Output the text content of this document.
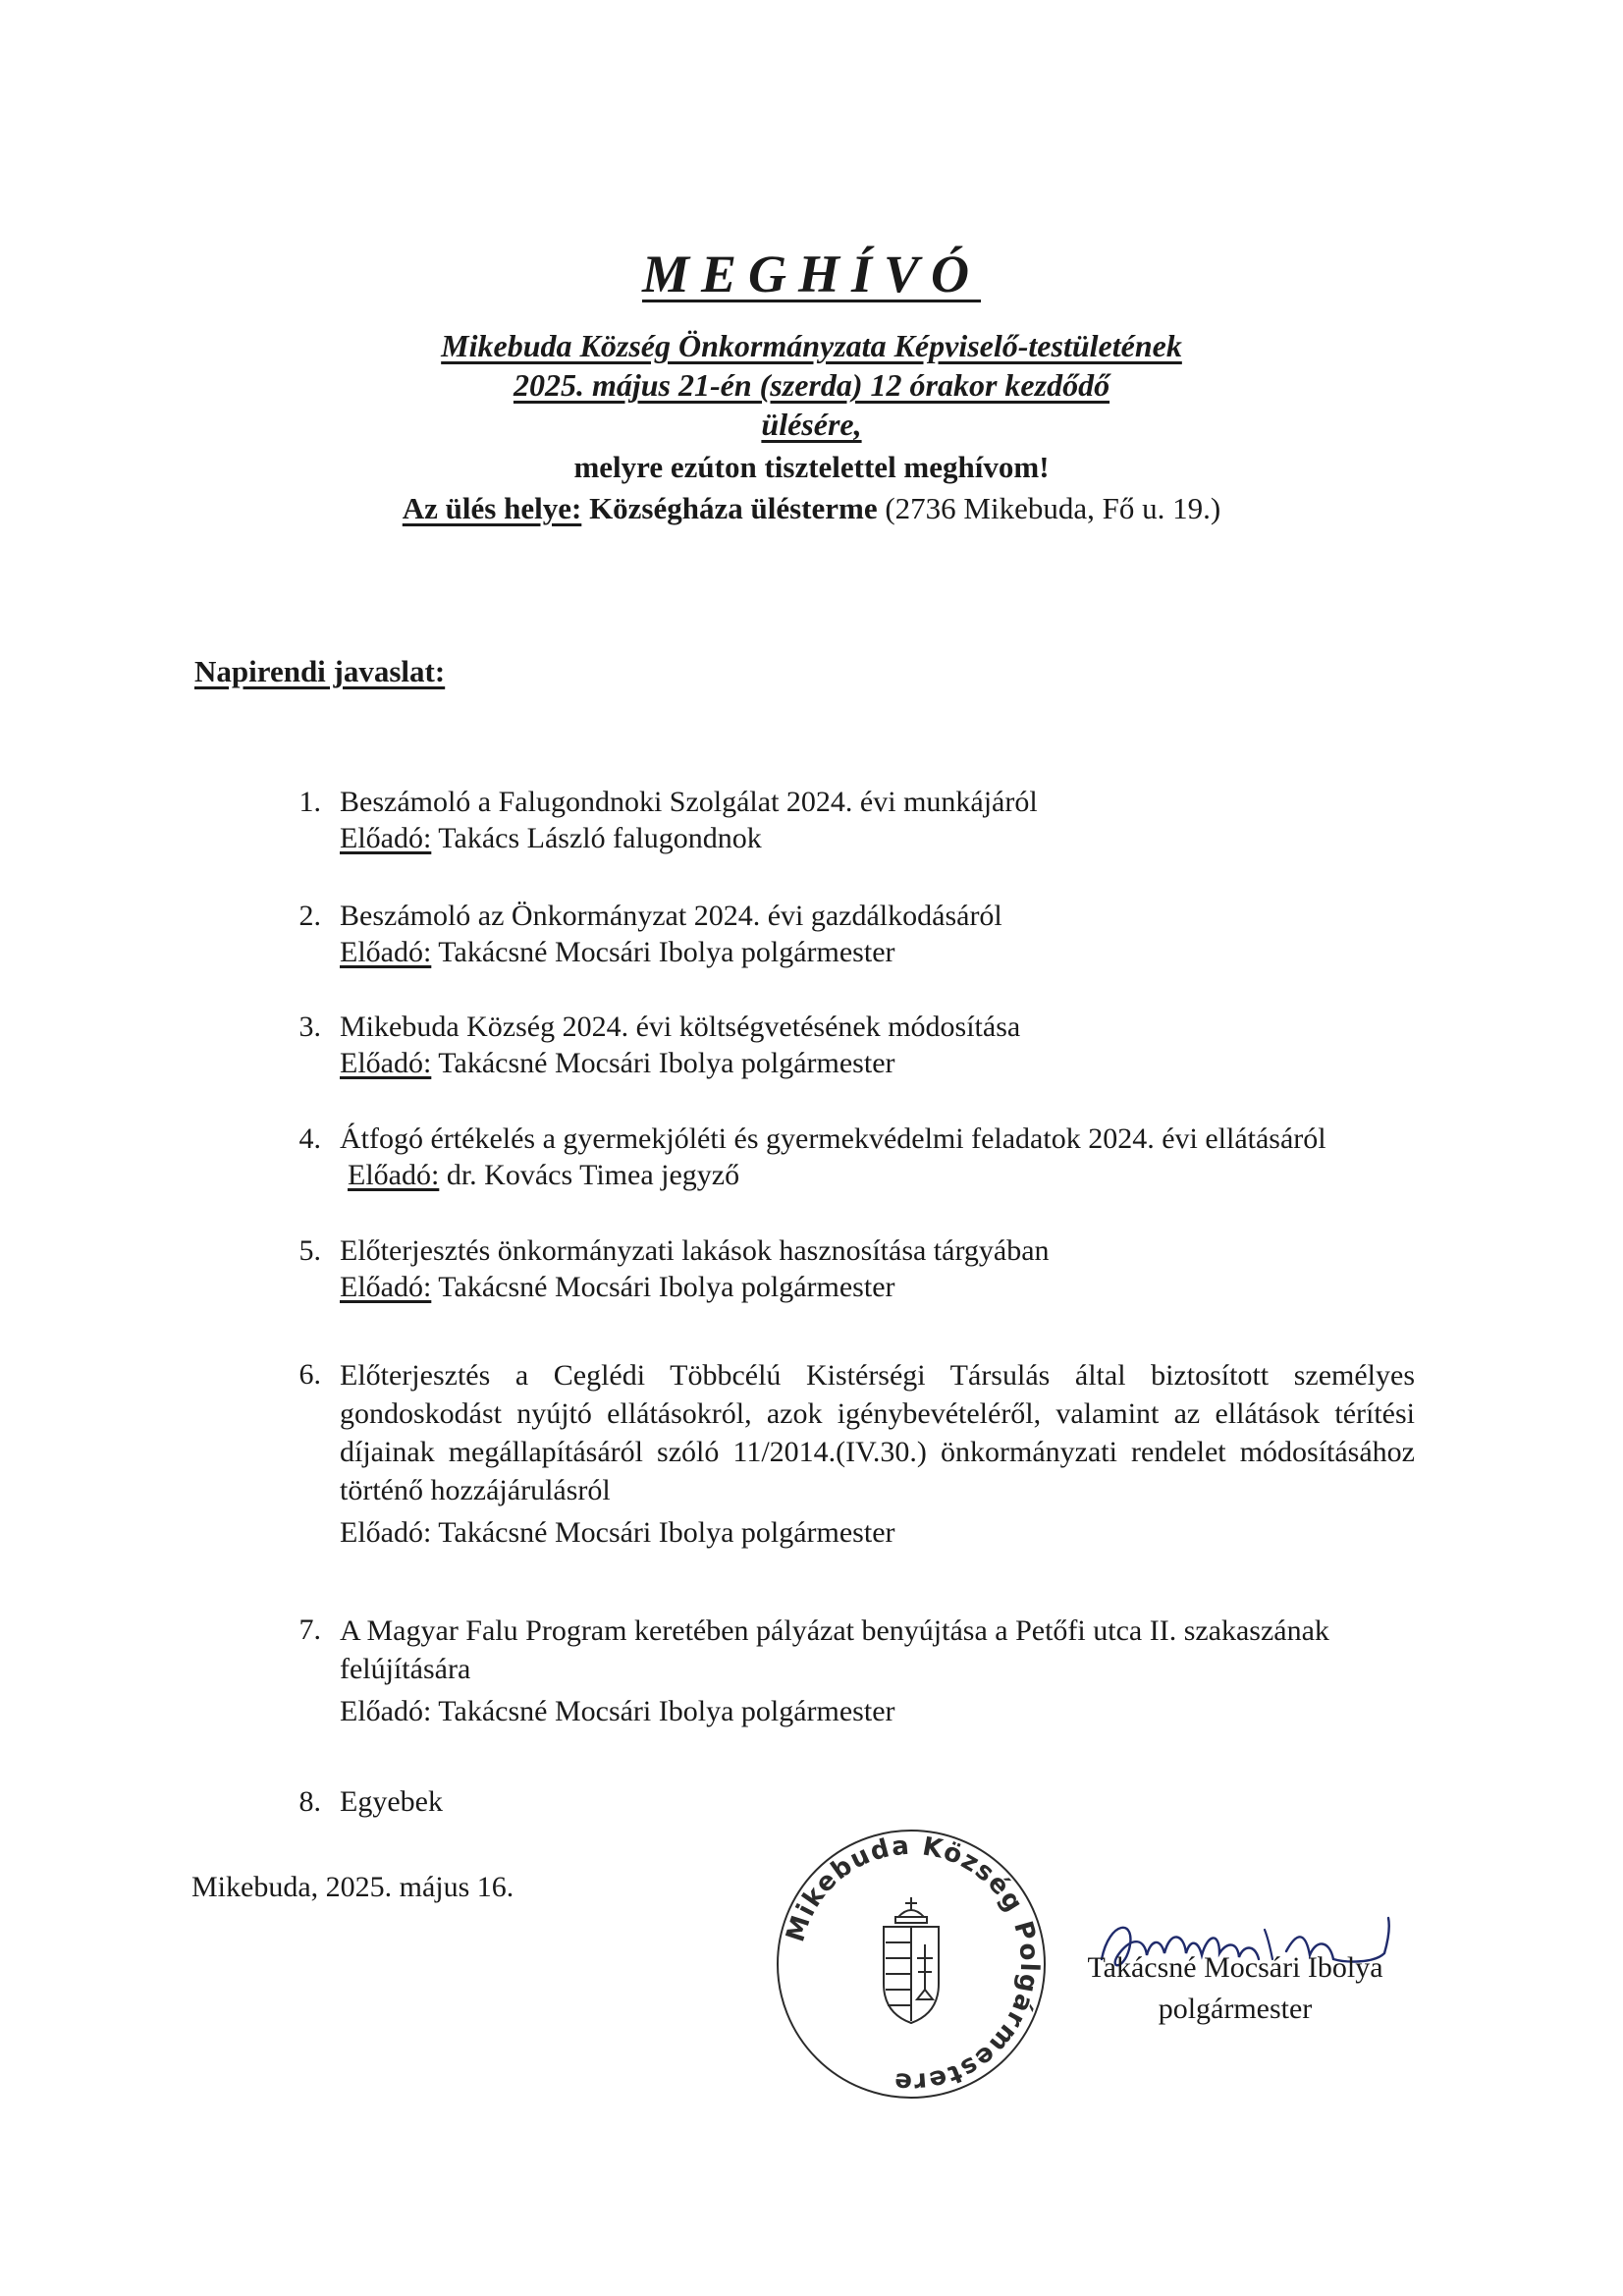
MEGHÍVÓ
Mikebuda Község Önkormányzata Képviselő-testületének
2025. május 21-én (szerda) 12 órakor kezdődő
ülésére,
melyre ezúton tisztelettel meghívom!
Az ülés helye: Községháza ülésterme (2736 Mikebuda, Fő u. 19.)
Napirendi javaslat:
1. Beszámoló a Falugondnoki Szolgálat 2024. évi munkájáról
Előadó: Takács László falugondnok
2. Beszámoló az Önkormányzat 2024. évi gazdálkodásáról
Előadó: Takácsné Mocsári Ibolya polgármester
3. Mikebuda Község 2024. évi költségvetésének módosítása
Előadó: Takácsné Mocsári Ibolya polgármester
4. Átfogó értékelés a gyermekjóléti és gyermekvédelmi feladatok 2024. évi ellátásáról
Előadó: dr. Kovács Timea jegyző
5. Előterjesztés önkormányzati lakások hasznosítása tárgyában
Előadó: Takácsné Mocsári Ibolya polgármester
6. Előterjesztés a Ceglédi Többcélú Kistérségi Társulás által biztosított személyes gondoskodást nyújtó ellátásokról, azok igénybevételéről, valamint az ellátások térítési díjainak megállapításáról szóló 11/2014.(IV.30.) önkormányzati rendelet módosításához történő hozzájárulásról
Előadó: Takácsné Mocsári Ibolya polgármester
7. A Magyar Falu Program keretében pályázat benyújtása a Petőfi utca II. szakaszának felújítására
Előadó: Takácsné Mocsári Ibolya polgármester
8. Egyebek
Mikebuda, 2025. május 16.
Mikebuda Község Polgármestere
Takácsné Mocsári Ibolya
polgármester
